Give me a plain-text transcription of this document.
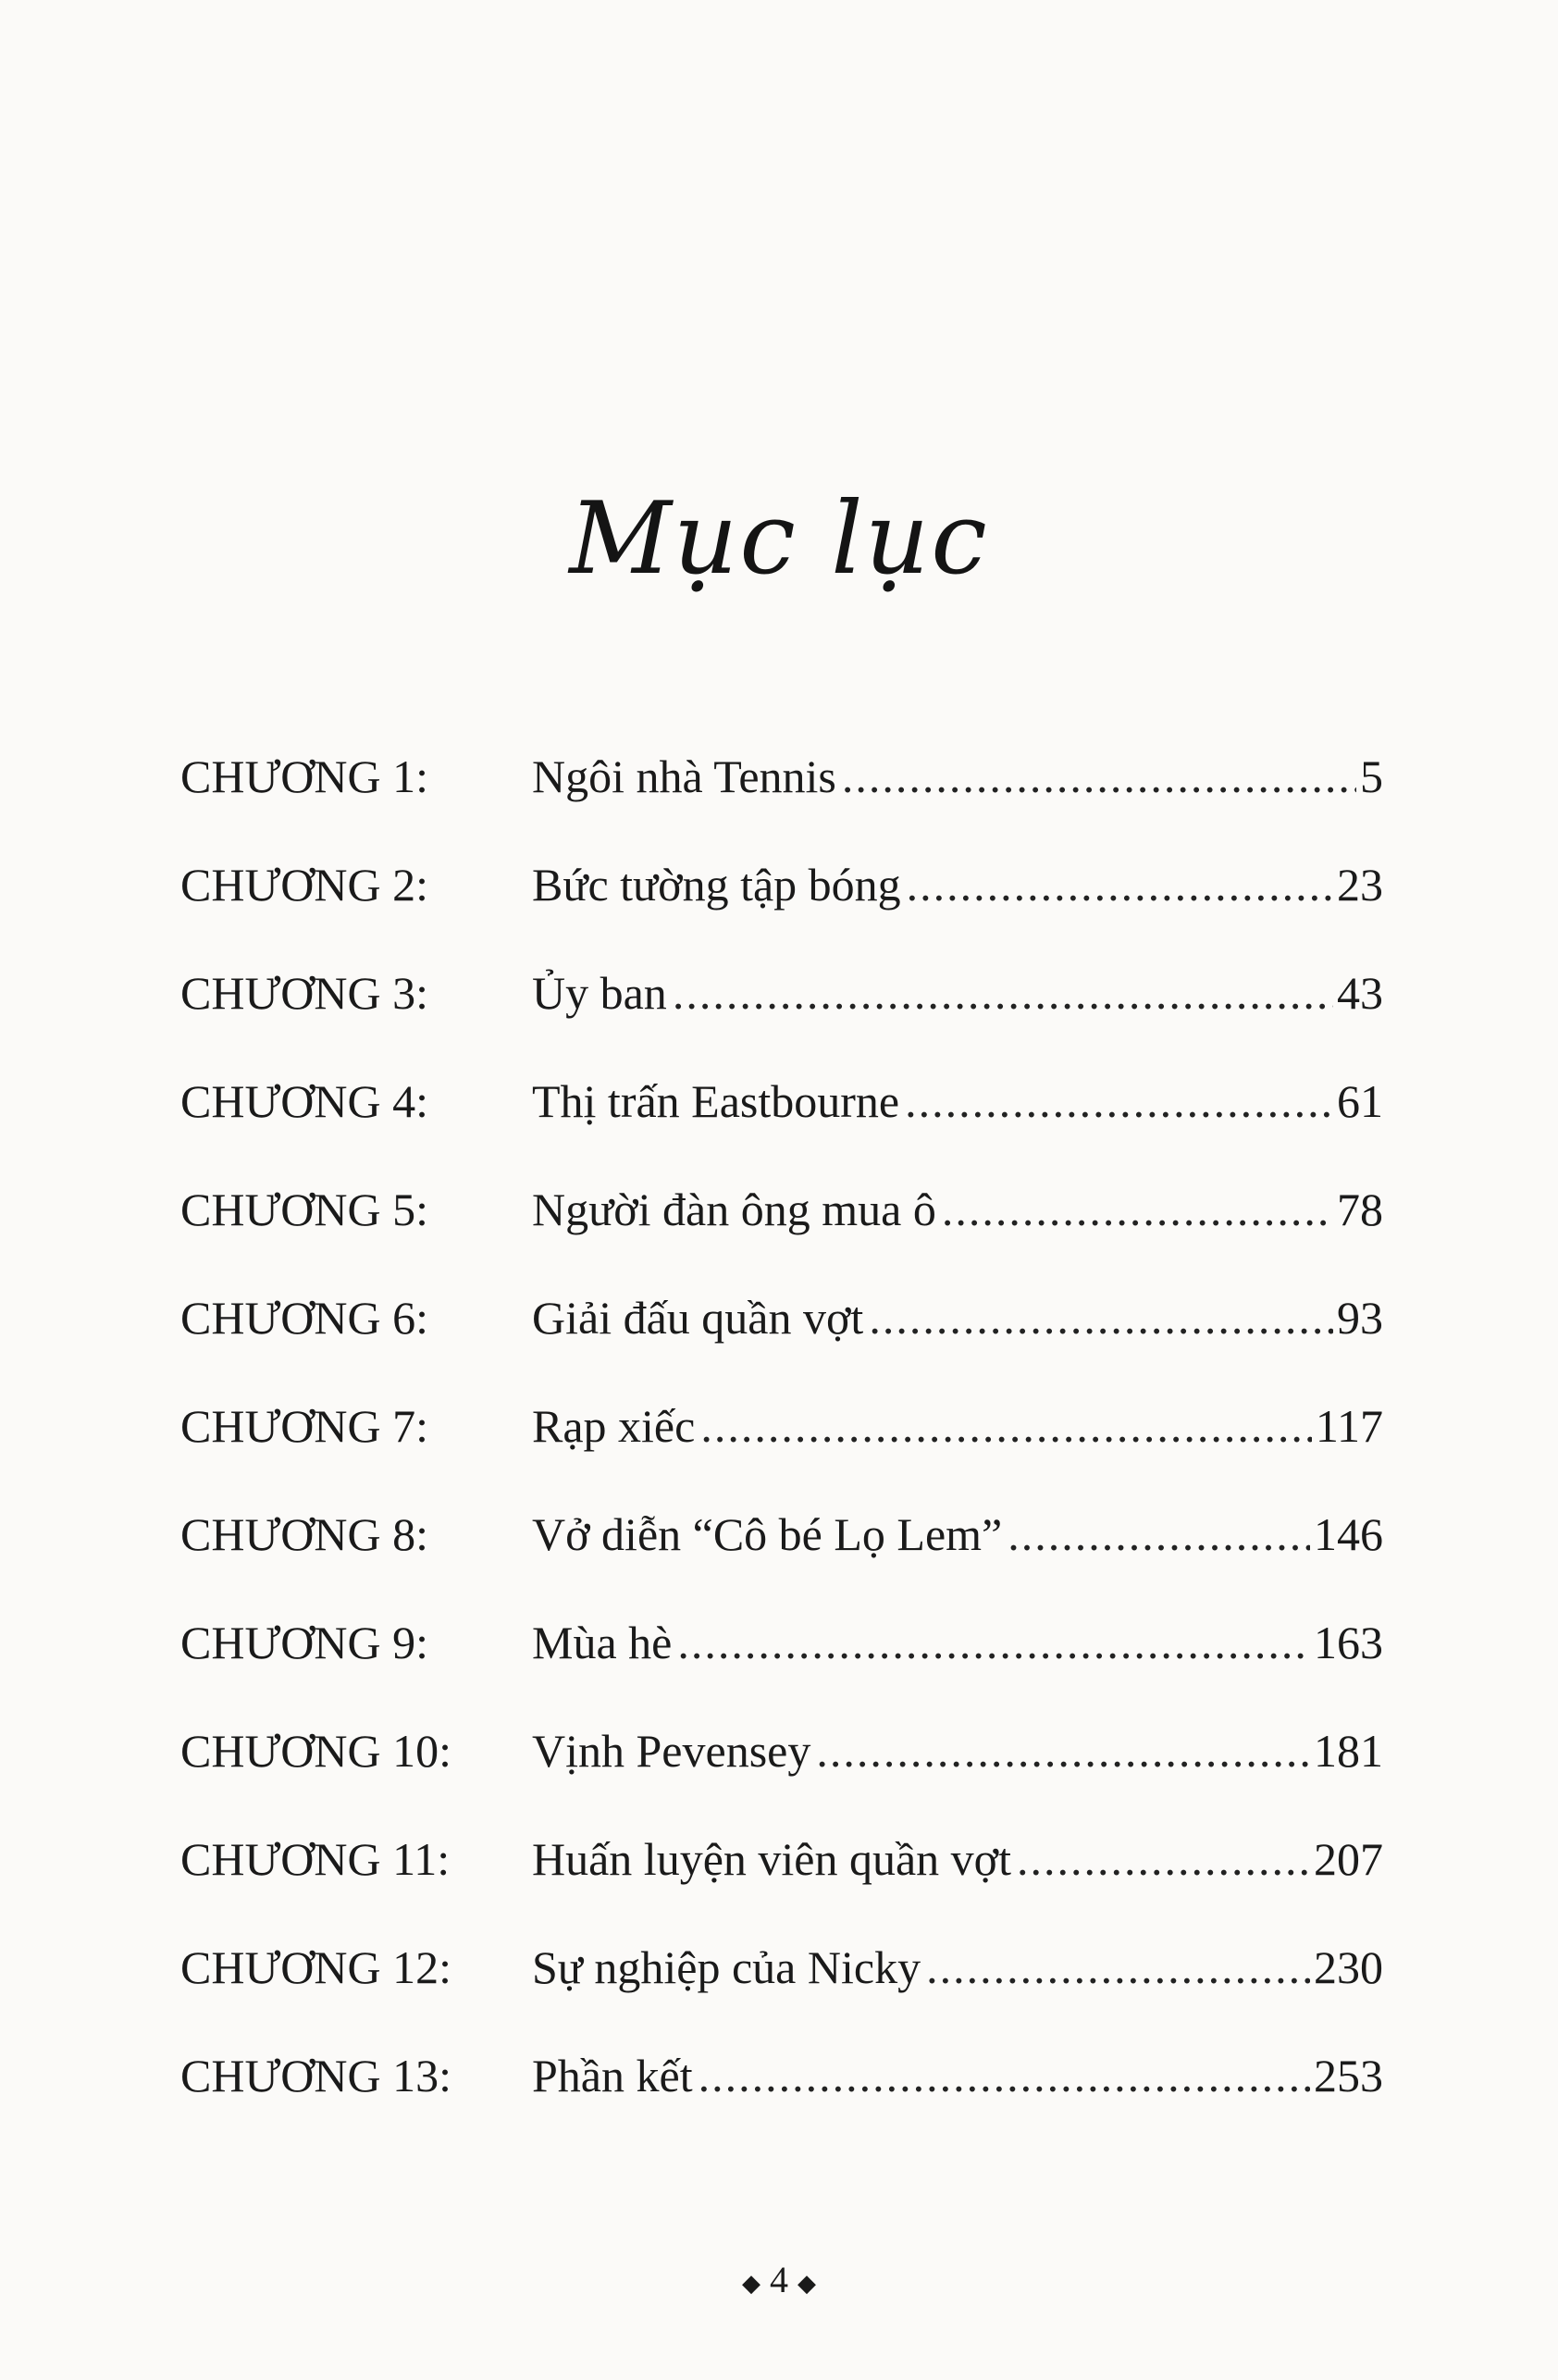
Mục lục
CHƯƠNG 1:	Ngôi nhà Tennis .....	5
CHƯƠNG 2:	Bức tường tập bóng .....	23
CHƯƠNG 3:	Ủy ban .....	43
CHƯƠNG 4:	Thị trấn Eastbourne .....	61
CHƯƠNG 5:	Người đàn ông mua ô .....	78
CHƯƠNG 6:	Giải đấu quần vợt .....	93
CHƯƠNG 7:	Rạp xiếc .....	117
CHƯƠNG 8:	Vở diễn “Cô bé Lọ Lem” .....	146
CHƯƠNG 9:	Mùa hè .....	163
CHƯƠNG 10:	Vịnh Pevensey .....	181
CHƯƠNG 11:	Huấn luyện viên quần vợt .....	207
CHƯƠNG 12:	Sự nghiệp của Nicky .....	230
CHƯƠNG 13:	Phần kết .....	253
◆ 4 ◆
